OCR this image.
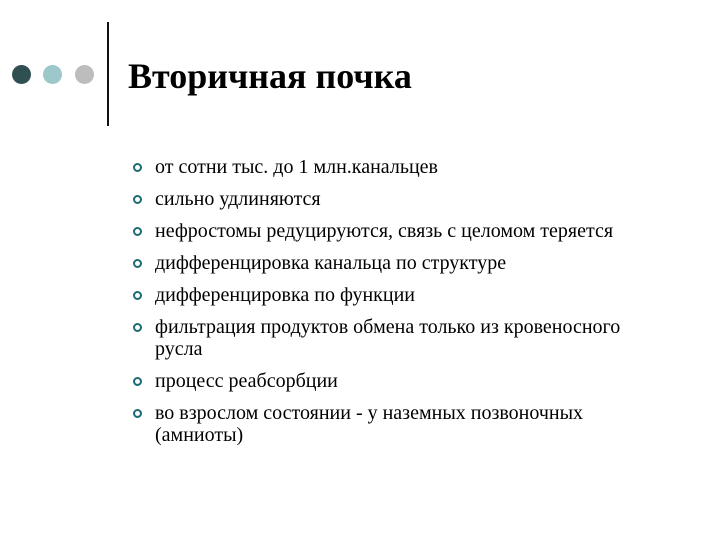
Вторичная почка
от сотни тыс. до 1 млн.канальцев
сильно удлиняются
нефростомы редуцируются, связь с целомом теряется
дифференцировка канальца по структуре
дифференцировка по функции
фильтрация продуктов обмена только из кровеносного русла
процесс реабсорбции
во взрослом состоянии - у наземных позвоночных (амниоты)
